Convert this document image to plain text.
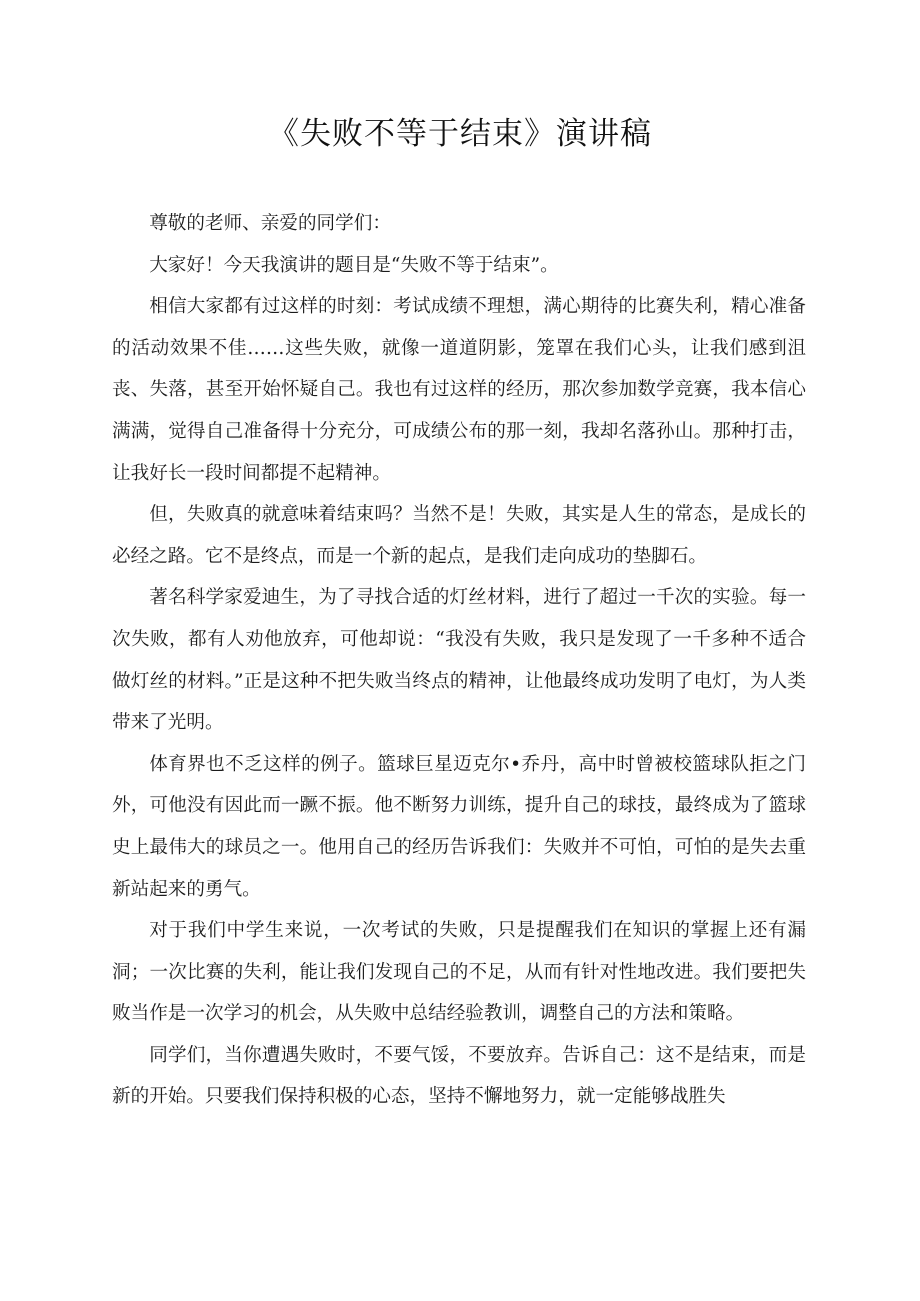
《失败不等于结束》演讲稿

尊敬的老师、亲爱的同学们：

大家好！今天我演讲的题目是“失败不等于结束”。

相信大家都有过这样的时刻：考试成绩不理想，满心期待的比赛失利，精心准备的活动效果不佳……这些失败，就像一道道阴影，笼罩在我们心头，让我们感到沮丧、失落，甚至开始怀疑自己。我也有过这样的经历，那次参加数学竞赛，我本信心满满，觉得自己准备得十分充分，可成绩公布的那一刻，我却名落孙山。那种打击，让我好长一段时间都提不起精神。

但，失败真的就意味着结束吗？当然不是！失败，其实是人生的常态，是成长的必经之路。它不是终点，而是一个新的起点，是我们走向成功的垫脚石。

著名科学家爱迪生，为了寻找合适的灯丝材料，进行了超过一千次的实验。每一次失败，都有人劝他放弃，可他却说：“我没有失败，我只是发现了一千多种不适合做灯丝的材料。”正是这种不把失败当终点的精神，让他最终成功发明了电灯，为人类带来了光明。

体育界也不乏这样的例子。篮球巨星迈克尔•乔丹，高中时曾被校篮球队拒之门外，可他没有因此而一蹶不振。他不断努力训练，提升自己的球技，最终成为了篮球史上最伟大的球员之一。他用自己的经历告诉我们：失败并不可怕，可怕的是失去重新站起来的勇气。

对于我们中学生来说，一次考试的失败，只是提醒我们在知识的掌握上还有漏洞；一次比赛的失利，能让我们发现自己的不足，从而有针对性地改进。我们要把失败当作是一次学习的机会，从失败中总结经验教训，调整自己的方法和策略。

同学们，当你遭遇失败时，不要气馁，不要放弃。告诉自己：这不是结束，而是新的开始。只要我们保持积极的心态，坚持不懈地努力，就一定能够战胜失
